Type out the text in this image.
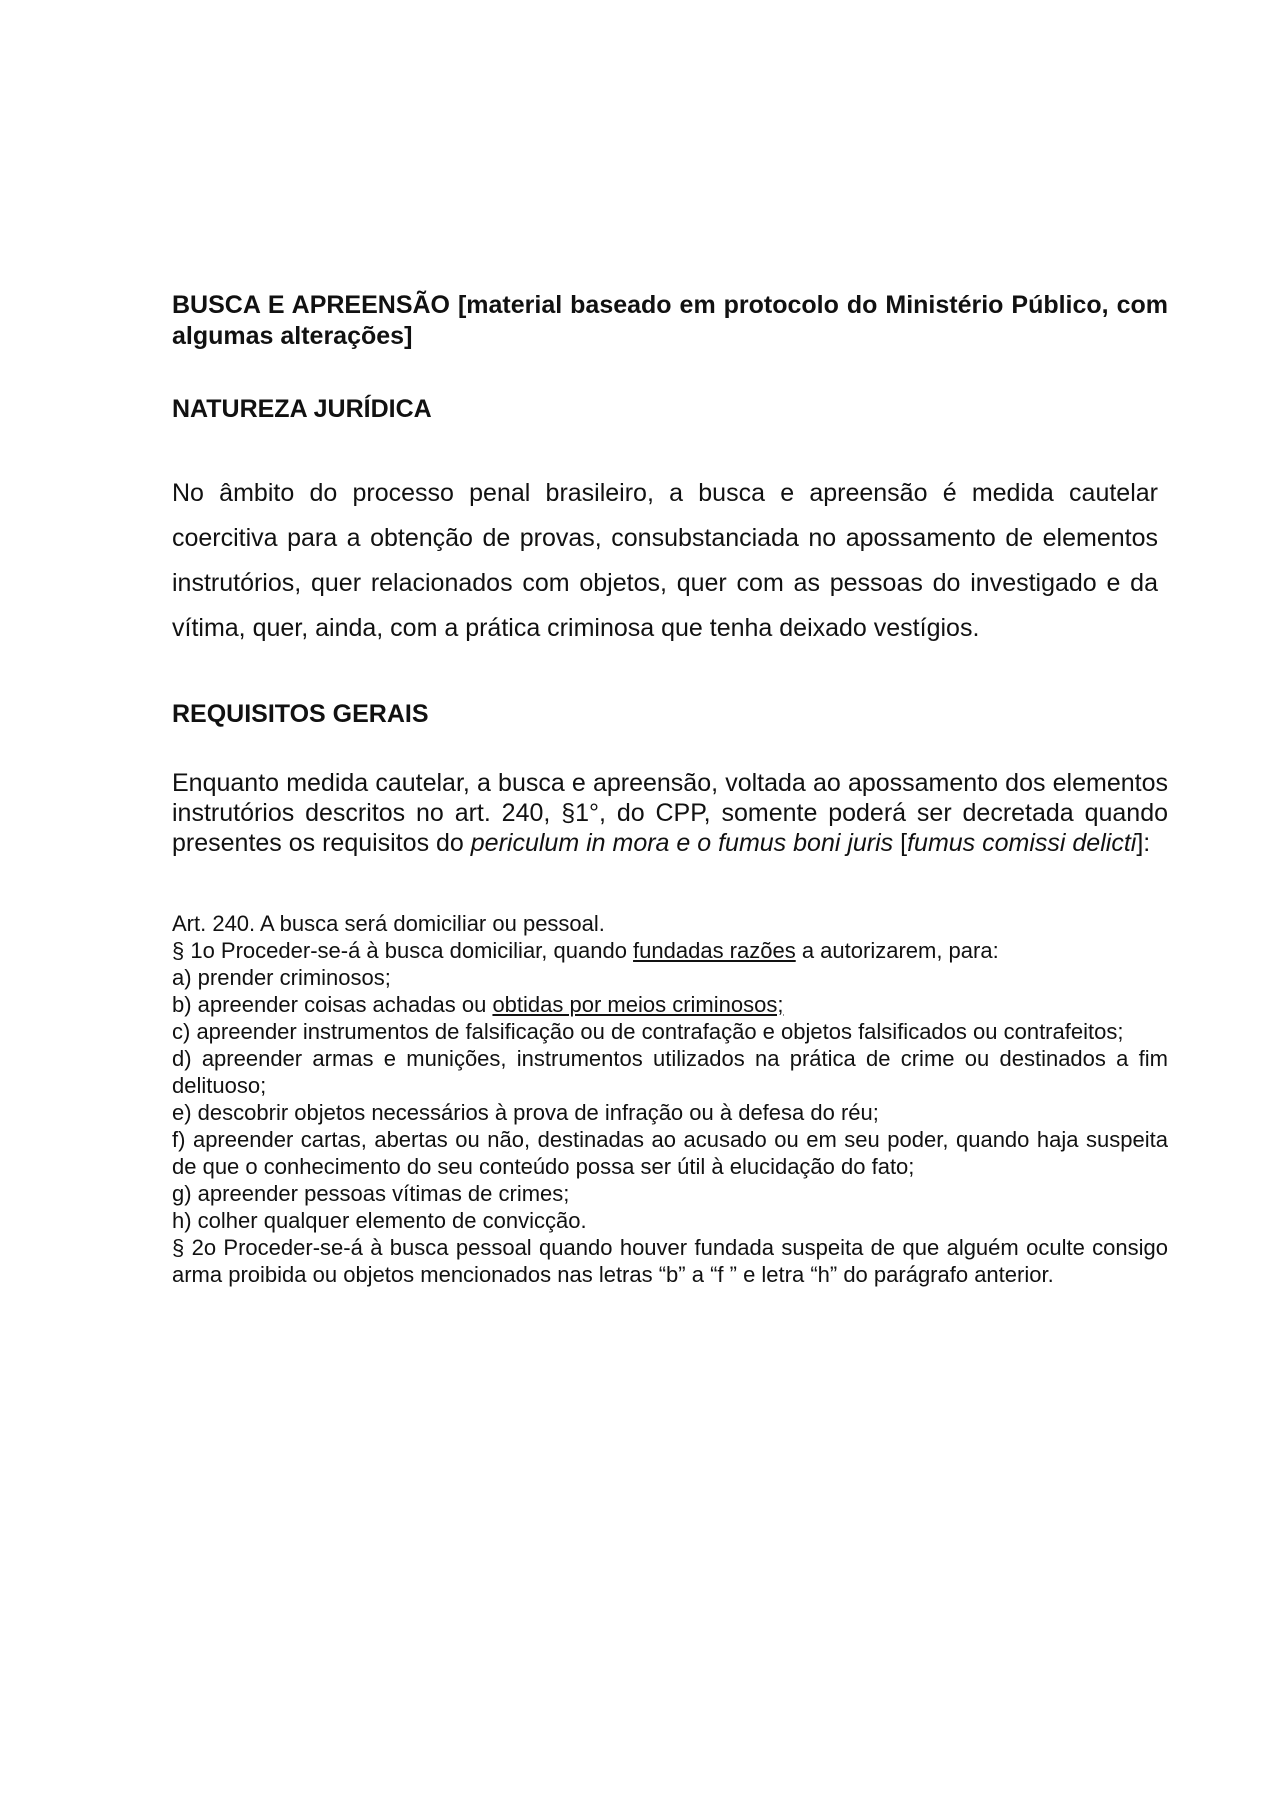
BUSCA E APREENSÃO [material baseado em protocolo do Ministério Público, com algumas alterações]

NATUREZA JURÍDICA

No âmbito do processo penal brasileiro, a busca e apreensão é medida cautelar coercitiva para a obtenção de provas, consubstanciada no apossamento de elementos instrutórios, quer relacionados com objetos, quer com as pessoas do investigado e da vítima, quer, ainda, com a prática criminosa que tenha deixado vestígios.

REQUISITOS GERAIS

Enquanto medida cautelar, a busca e apreensão, voltada ao apossamento dos elementos instrutórios descritos no art. 240, §1°, do CPP, somente poderá ser decretada quando presentes os requisitos do periculum in mora e o fumus boni juris [fumus comissi delicti]:

Art. 240. A busca será domiciliar ou pessoal.

§ 1o Proceder-se-á à busca domiciliar, quando fundadas razões a autorizarem, para:

a) prender criminosos;

b) apreender coisas achadas ou obtidas por meios criminosos;

c) apreender instrumentos de falsificação ou de contrafação e objetos falsificados ou contrafeitos;

d) apreender armas e munições, instrumentos utilizados na prática de crime ou destinados a fim delituoso;

e) descobrir objetos necessários à prova de infração ou à defesa do réu;

f) apreender cartas, abertas ou não, destinadas ao acusado ou em seu poder, quando haja suspeita de que o conhecimento do seu conteúdo possa ser útil à elucidação do fato;

g) apreender pessoas vítimas de crimes;

h) colher qualquer elemento de convicção.

§ 2o Proceder-se-á à busca pessoal quando houver fundada suspeita de que alguém oculte consigo arma proibida ou objetos mencionados nas letras “b” a “f ” e letra “h” do parágrafo anterior.
